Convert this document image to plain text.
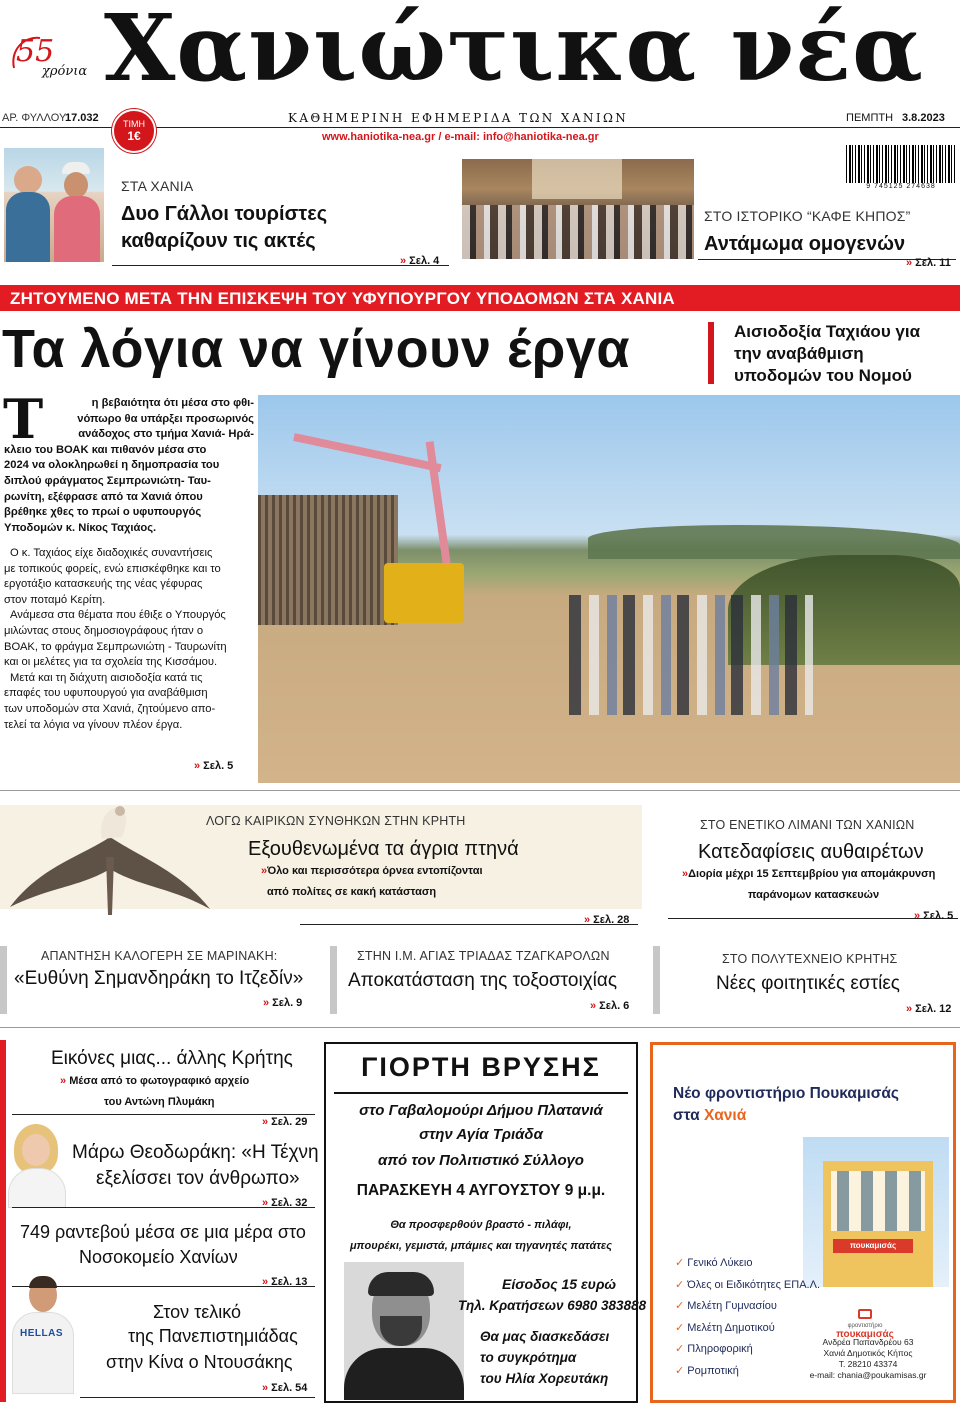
55
χρόνια Χανιώτικα νέα
ΑΡ. ΦΥΛΛΟΥ
17.032	ΚΑΘΗΜΕΡΙΝΗ ΕΦΗΜΕΡΙΔΑ ΤΩΝ ΧΑΝΙΩΝ	ΠΕΜΠΤΗ 3.8.2023
ΤΙΜΗ
1€	www.haniotika-nea.gr / e-mail: info@haniotika-nea.gr
9 745125 274638
ΣΤΑ ΧΑΝΙΑ
Δυο Γάλλοι τουρίστες
καθαρίζουν τις ακτές
» Σελ. 4
ΣΤΟ ΙΣΤΟΡΙΚΟ “ΚΑΦΕ ΚΗΠΟΣ”
Αντάμωμα ομογενών
» Σελ. 11
ΖΗΤΟΥΜΕΝΟ ΜΕΤΑ ΤΗΝ ΕΠΙΣΚΕΨΗ ΤΟΥ ΥΦΥΠΟΥΡΓΟΥ ΥΠΟΔΟΜΩΝ ΣΤΑ ΧΑΝΙΑ
Τα λόγια να γίνουν έργα	Αισιοδοξία Ταχιάου για
την αναβάθμιση
υποδομών του Νομού
Τ	η βεβαιότητα ότι μέσα στο φθι-
νόπωρο θα υπάρξει προσωρινός
ανάδοχος στο τμήμα Χανιά- Ηρά-
κλειο του ΒΟΑΚ και πιθανόν μέσα στο
2024 να ολοκληρωθεί η δημοπρασία του
διπλού φράγματος Σεμπρωνιώτη- Ταυ-
ρωνίτη, εξέφρασε από τα Χανιά όπου
βρέθηκε χθες το πρωί ο υφυπουργός
Υποδομών κ. Νίκος Ταχιάος.
Ο κ. Ταχιάος είχε διαδοχικές συναντήσεις
με τοπικούς φορείς, ενώ επισκέφθηκε και το
εργοτάξιο κατασκευής της νέας γέφυρας
στον ποταμό Κερίτη.
Ανάμεσα στα θέματα που έθιξε ο Υπουργός
μιλώντας στους δημοσιογράφους ήταν ο
ΒΟΑΚ, το φράγμα Σεμπρωνιώτη - Ταυρωνίτη
και οι μελέτες για τα σχολεία της Κισσάμου.
Μετά και τη διάχυτη αισιοδοξία κατά τις
επαφές του υφυπουργού για αναβάθμιση
των υποδομών στα Χανιά, ζητούμενο απο-
τελεί τα λόγια να γίνουν πλέον έργα.
» Σελ. 5
ΛΟΓΩ ΚΑΙΡΙΚΩΝ ΣΥΝΘΗΚΩΝ ΣΤΗΝ ΚΡΗΤΗ
Εξουθενωμένα τα άγρια πτηνά
»Όλο και περισσότερα όρνεα εντοπίζονται
από πολίτες σε κακή κατάσταση
» Σελ. 28
ΣΤΟ ΕΝΕΤΙΚΟ ΛΙΜΑΝΙ ΤΩΝ ΧΑΝΙΩΝ
Κατεδαφίσεις αυθαιρέτων
»Διορία μέχρι 15 Σεπτεμβρίου για απομάκρυνση
παράνομων κατασκευών
» Σελ. 5
ΑΠΑΝΤΗΣΗ ΚΑΛΟΓΕΡΗ ΣΕ ΜΑΡΙΝΑΚΗ:
«Ευθύνη Σημανδηράκη το Ιτζεδίν»
» Σελ. 9
ΣΤΗΝ Ι.Μ. ΑΓΙΑΣ ΤΡΙΑΔΑΣ ΤΖΑΓΚΑΡΟΛΩΝ
Αποκατάσταση της τοξοστοιχίας
» Σελ. 6
ΣΤΟ ΠΟΛΥΤΕΧΝΕΙΟ ΚΡΗΤΗΣ
Νέες φοιτητικές εστίες
» Σελ. 12
Εικόνες μιας... άλλης Κρήτης
» Μέσα από το φωτογραφικό αρχείο
του Αντώνη Πλυμάκη
» Σελ. 29
Μάρω Θεοδωράκη: «Η Τέχνη
εξελίσσει τον άνθρωπο»
» Σελ. 32
749 ραντεβού μέσα σε μια μέρα στο
Νοσοκομείο Χανίων
» Σελ. 13
HELLAS
Στον τελικό
της Πανεπιστημιάδας
στην Κίνα ο Ντουσάκης
» Σελ. 54
ΓΙΟΡΤΗ ΒΡΥΣΗΣ
στο Γαβαλομούρι Δήμου Πλατανιά
στην Αγία Τριάδα
από τον Πολιτιστικό Σύλλογο
ΠΑΡΑΣΚΕΥΗ 4 ΑΥΓΟΥΣΤΟΥ 9 μ.μ.
Θα προσφερθούν βραστό - πιλάφι,
μπουρέκι, γεμιστά, μπάμιες και τηγανητές πατάτες
Είσοδος 15 ευρώ
Τηλ. Κρατήσεων 6980 383888
Θα μας διασκεδάσει
το συγκρότημα
του Ηλία Χορευτάκη
Νέο φροντιστήριο Πουκαμισάς
στα Χανιά
πουκαμισάς
✓ Γενικό Λύκειο
✓ Όλες οι Ειδικότητες ΕΠΑ.Λ.
✓ Μελέτη Γυμνασίου
✓ Μελέτη Δημοτικού
✓ Πληροφορική
✓ Ρομποτική
φροντιστήριο
πουκαμισάς
Ανδρέα Παπανδρέου 63
Χανιά Δημοτικός Κήπος
Τ. 28210 43374
e-mail: chania@poukamisas.gr
